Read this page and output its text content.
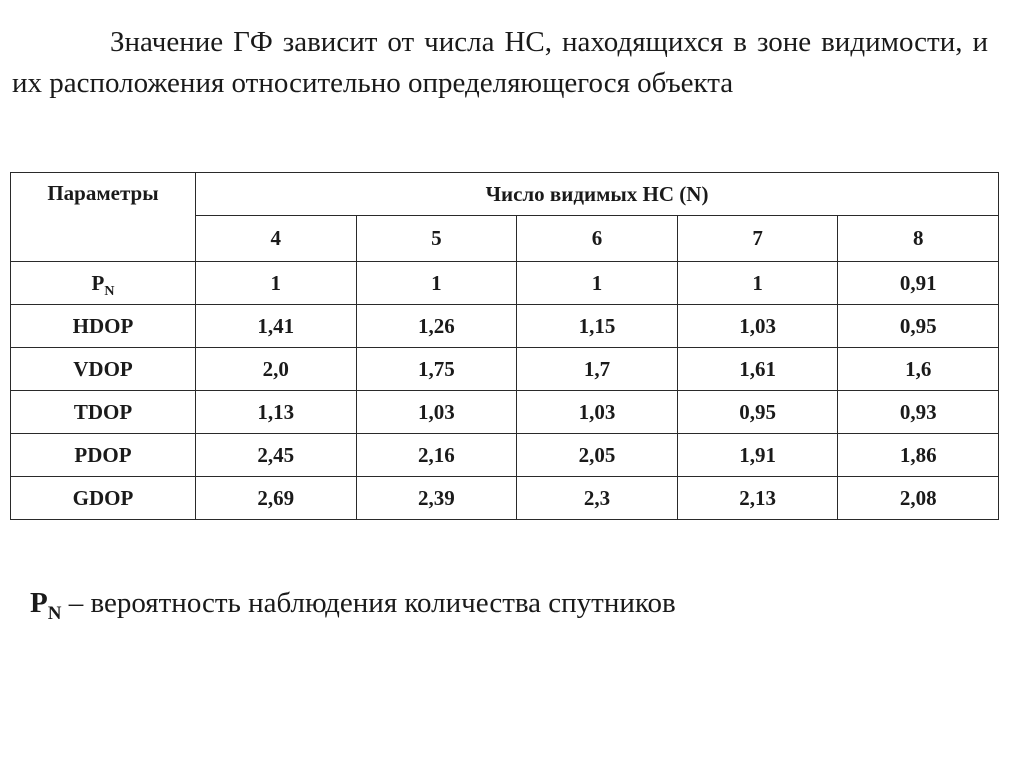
Значение ГФ зависит от числа НС, находящихся в зоне видимости, и их расположения относительно определяющегося объекта

Параметры	Число видимых НС (N)				
	4	5	6	7	8
$P_N$	1	1	1	1	0,91
HDOP	1,41	1,26	1,15	1,03	0,95
VDOP	2,0	1,75	1,7	1,61	1,6
TDOP	1,13	1,03	1,03	0,95	0,93
PDOP	2,45	2,16	2,05	1,91	1,86
GDOP	2,69	2,39	2,3	2,13	2,08

$P_N$ – вероятность наблюдения количества спутников
